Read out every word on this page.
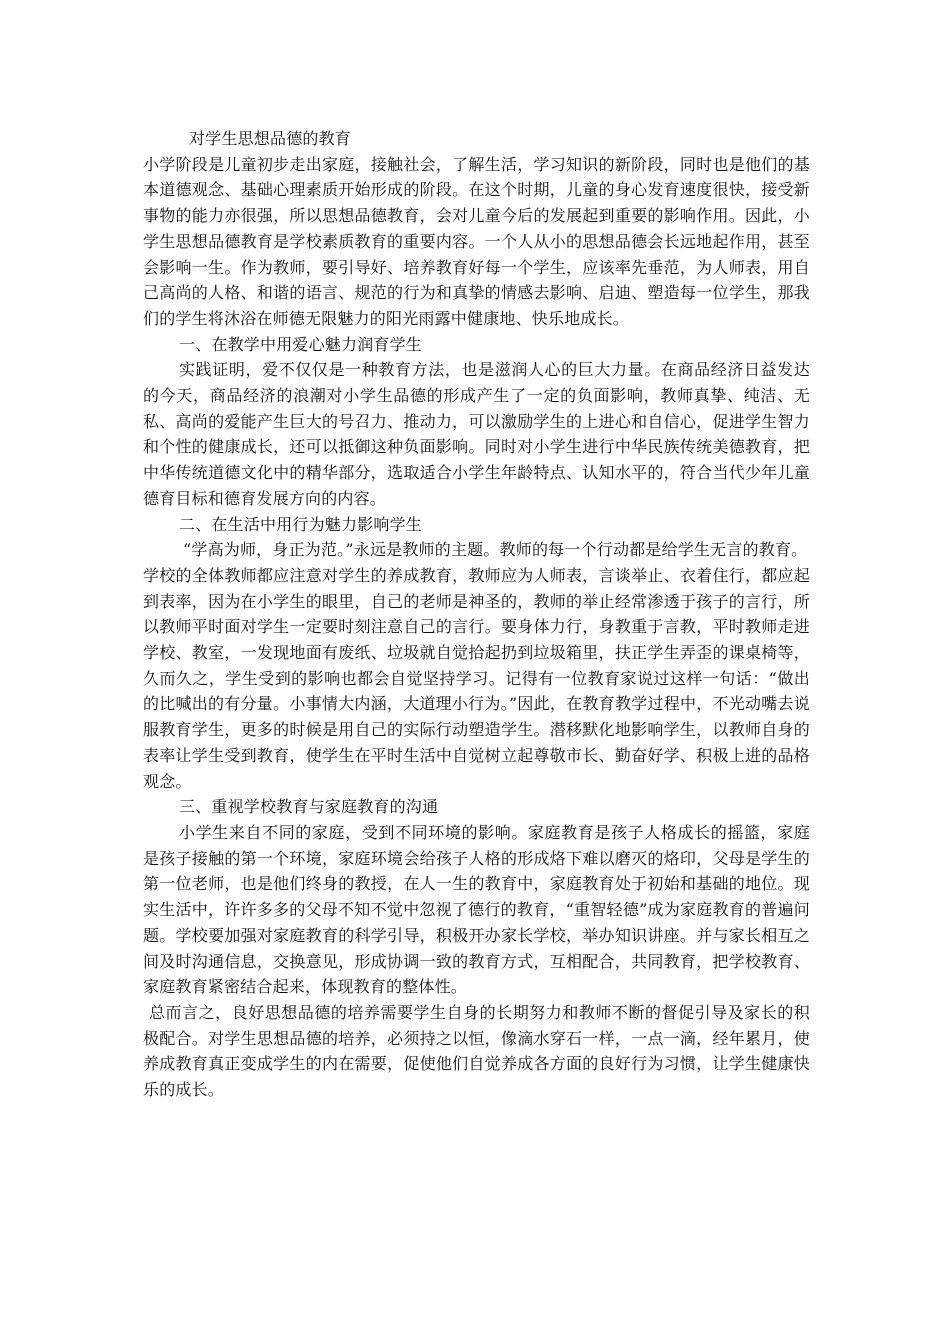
对学生思想品德的教育

小学阶段是儿童初步走出家庭，接触社会，了解生活，学习知识的新阶段，同时也是他们的基本道德观念、基础心理素质开始形成的阶段。在这个时期，儿童的身心发育速度很快，接受新事物的能力亦很强，所以思想品德教育，会对儿童今后的发展起到重要的影响作用。因此，小学生思想品德教育是学校素质教育的重要内容。一个人从小的思想品德会长远地起作用，甚至会影响一生。作为教师，要引导好、培养教育好每一个学生，应该率先垂范，为人师表，用自己高尚的人格、和谐的语言、规范的行为和真挚的情感去影响、启迪、塑造每一位学生，那我们的学生将沐浴在师德无限魅力的阳光雨露中健康地、快乐地成长。

一、在教学中用爱心魅力润育学生

实践证明，爱不仅仅是一种教育方法，也是滋润人心的巨大力量。在商品经济日益发达的今天，商品经济的浪潮对小学生品德的形成产生了一定的负面影响，教师真挚、纯洁、无私、高尚的爱能产生巨大的号召力、推动力，可以激励学生的上进心和自信心，促进学生智力和个性的健康成长，还可以抵御这种负面影响。同时对小学生进行中华民族传统美德教育，把中华传统道德文化中的精华部分，选取适合小学生年龄特点、认知水平的，符合当代少年儿童德育目标和德育发展方向的内容。

二、在生活中用行为魅力影响学生

“学高为师，身正为范。”永远是教师的主题。教师的每一个行动都是给学生无言的教育。

学校的全体教师都应注意对学生的养成教育，教师应为人师表，言谈举止、衣着住行，都应起到表率，因为在小学生的眼里，自己的老师是神圣的，教师的举止经常渗透于孩子的言行，所以教师平时面对学生一定要时刻注意自己的言行。要身体力行，身教重于言教，平时教师走进学校、教室，一发现地面有废纸、垃圾就自觉拾起扔到垃圾箱里，扶正学生弄歪的课桌椅等，久而久之，学生受到的影响也都会自觉坚持学习。记得有一位教育家说过这样一句话：“做出的比喊出的有分量。小事情大内涵，大道理小行为。”因此，在教育教学过程中，不光动嘴去说服教育学生，更多的时候是用自己的实际行动塑造学生。潜移默化地影响学生，以教师自身的表率让学生受到教育，使学生在平时生活中自觉树立起尊敬市长、勤奋好学、积极上进的品格观念。

三、重视学校教育与家庭教育的沟通

小学生来自不同的家庭，受到不同环境的影响。家庭教育是孩子人格成长的摇篮，家庭是孩子接触的第一个环境，家庭环境会给孩子人格的形成烙下难以磨灭的烙印，父母是学生的第一位老师，也是他们终身的教授，在人一生的教育中，家庭教育处于初始和基础的地位。现实生活中，许许多多的父母不知不觉中忽视了德行的教育，“重智轻德”成为家庭教育的普遍问题。学校要加强对家庭教育的科学引导，积极开办家长学校，举办知识讲座。并与家长相互之间及时沟通信息，交换意见，形成协调一致的教育方式，互相配合，共同教育，把学校教育、家庭教育紧密结合起来，体现教育的整体性。

总而言之，良好思想品德的培养需要学生自身的长期努力和教师不断的督促引导及家长的积极配合。对学生思想品德的培养，必须持之以恒，像滴水穿石一样，一点一滴，经年累月，使养成教育真正变成学生的内在需要，促使他们自觉养成各方面的良好行为习惯，让学生健康快乐的成长。
